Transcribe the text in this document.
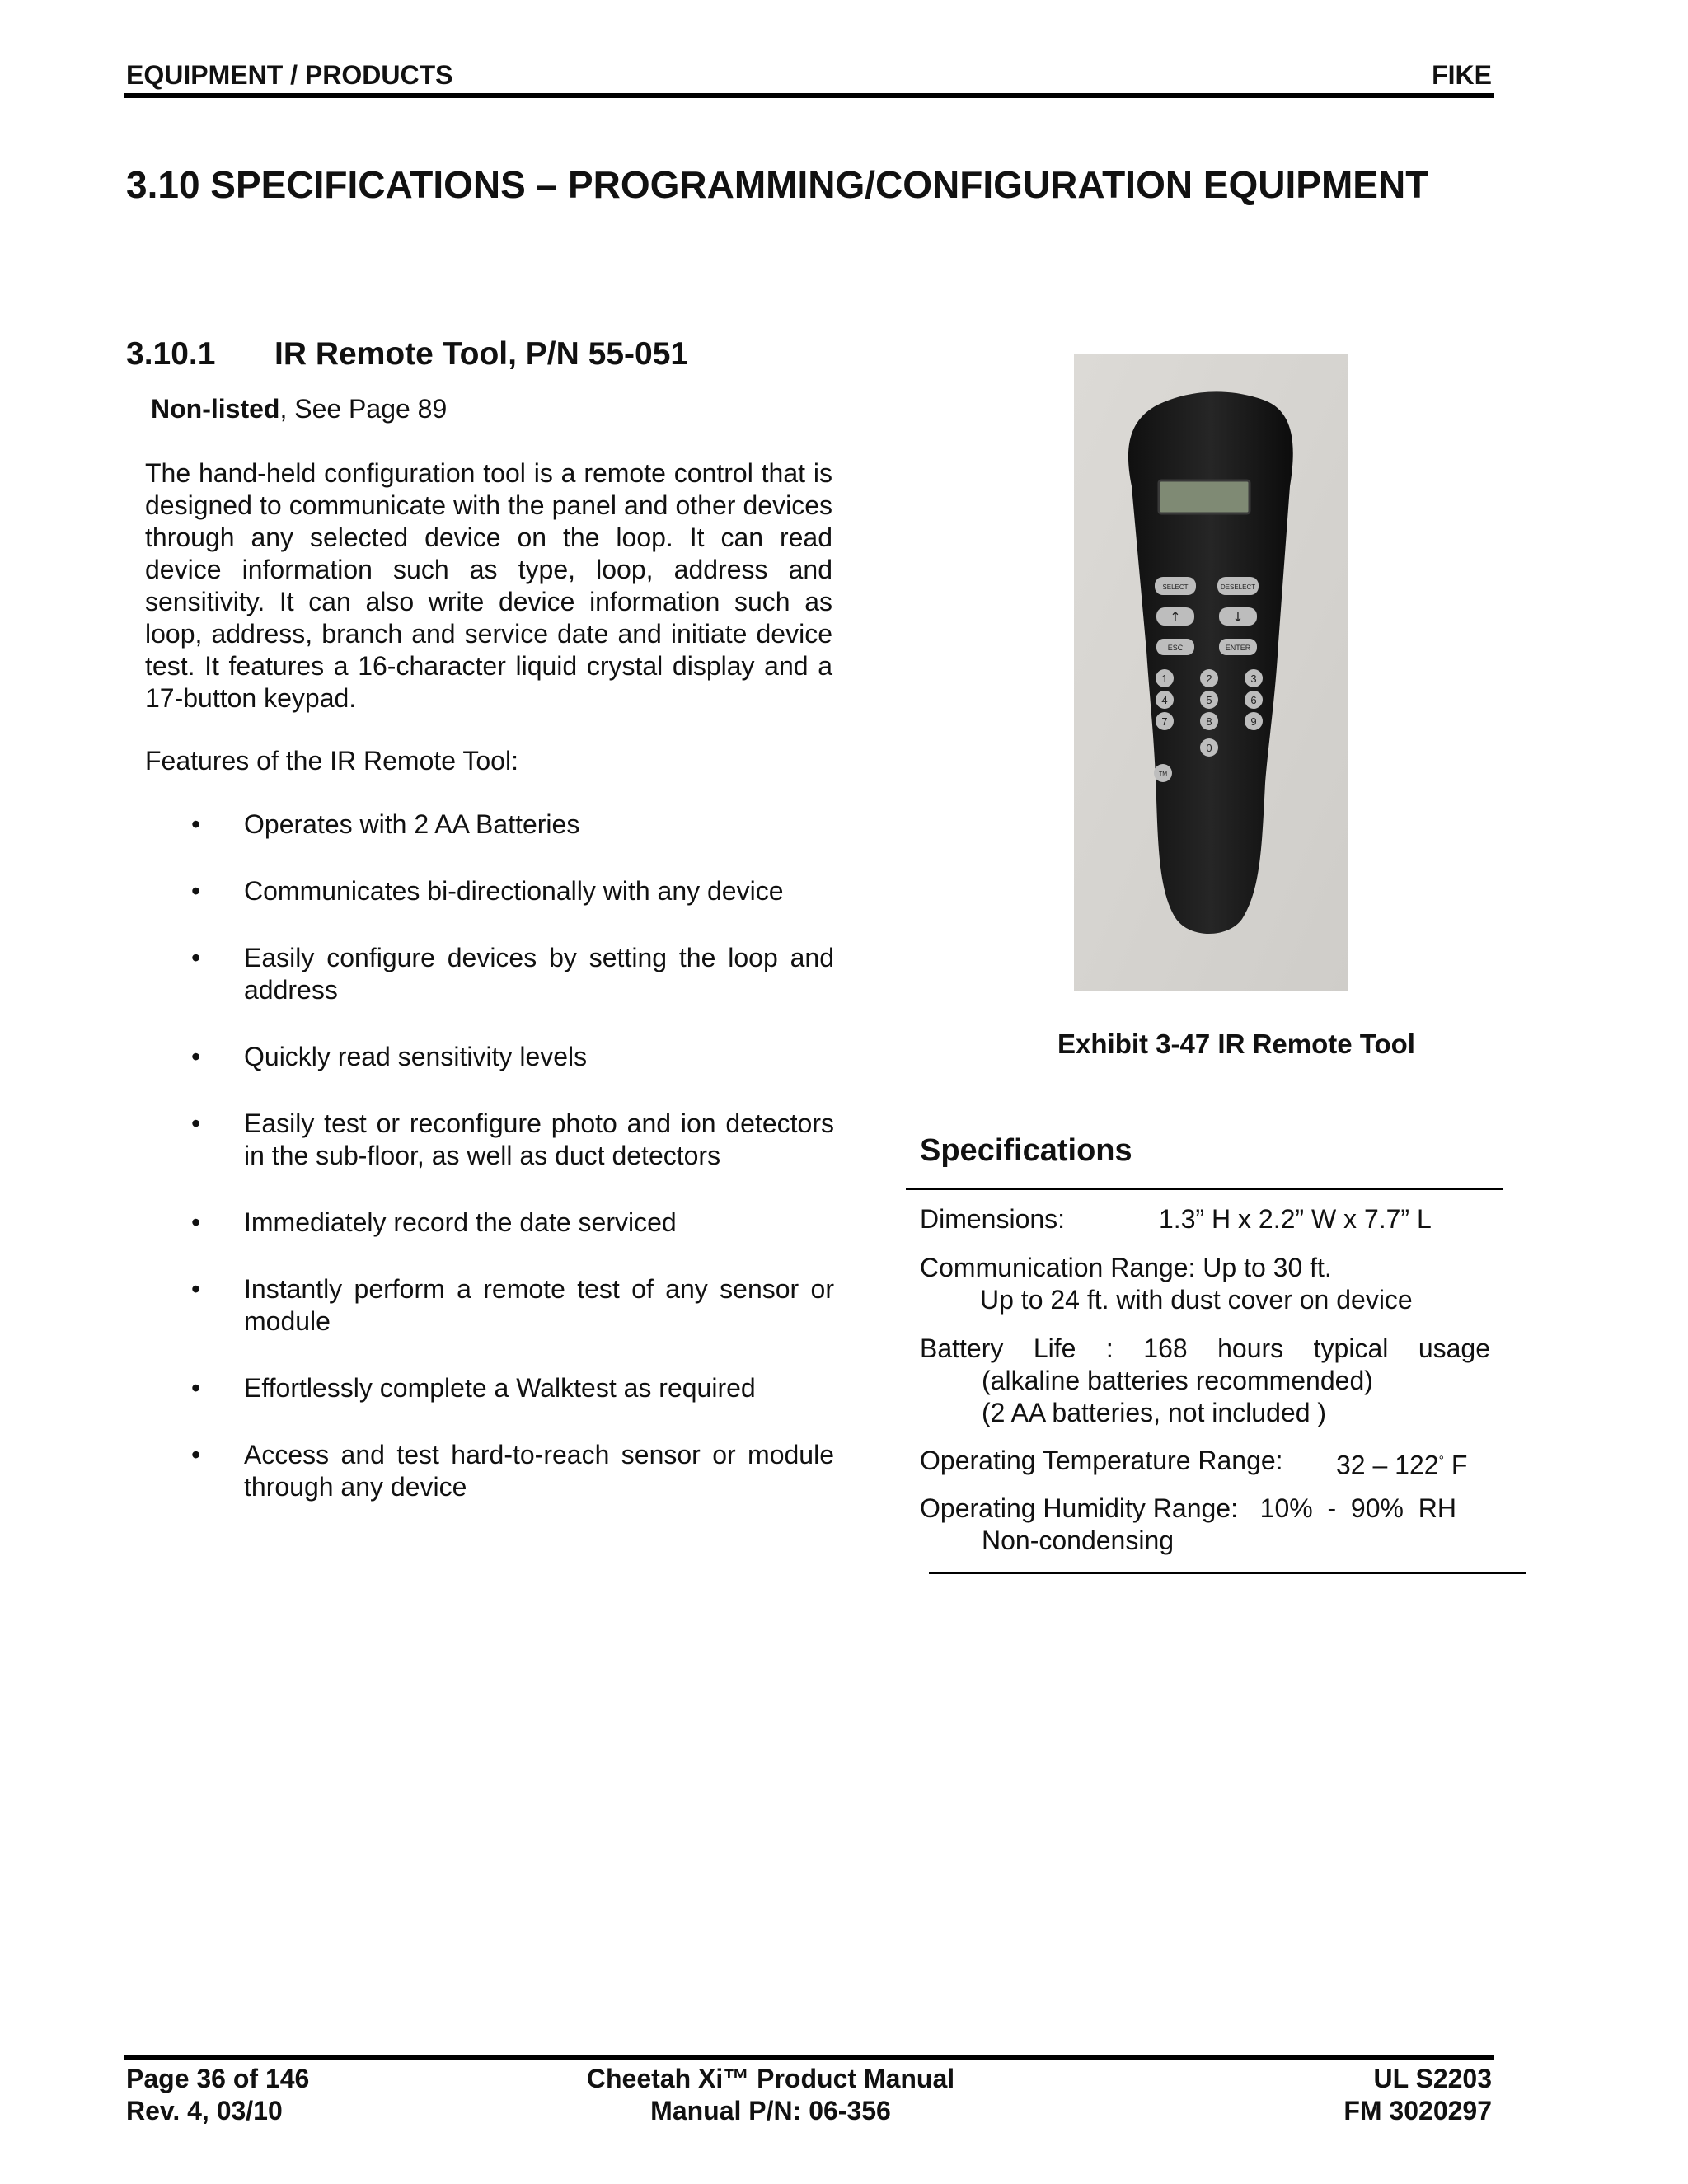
EQUIPMENT / PRODUCTS	FIKE
3.10 SPECIFICATIONS – PROGRAMMING/CONFIGURATION EQUIPMENT
3.10.1 IR Remote Tool, P/N 55-051
Non-listed, See Page 89
The hand-held configuration tool is a remote control that is designed to communicate with the panel and other devices through any selected device on the loop. It can read device information such as type, loop, address and sensitivity. It can also write device information such as loop, address, branch and service date and initiate device test. It features a 16-character liquid crystal display and a 17-button keypad.
Features of the IR Remote Tool:
• Operates with 2 AA Batteries
• Communicates bi-directionally with any device
• Easily configure devices by setting the loop and address
• Quickly read sensitivity levels
• Easily test or reconfigure photo and ion detectors in the sub-floor, as well as duct detectors
• Immediately record the date serviced
• Instantly perform a remote test of any sensor or module
• Effortlessly complete a Walktest as required
• Access and test hard-to-reach sensor or module through any device
SELECT	DESELECT
↑	↓
ESC	ENTER
1	2	3
4	5	6
7	8	9
0
TM
Exhibit 3-47 IR Remote Tool
Specifications
Dimensions:	1.3” H x 2.2” W x 7.7” L
Communication Range: Up to 30 ft.
Up to 24 ft. with dust cover on device
Battery Life : 168 hours typical usage
(alkaline batteries recommended)
(2 AA batteries, not included )
Operating Temperature Range: 32 – 122° F
Operating Humidity Range:   10%  -  90%  RH
Non-condensing
Page 36 of 146
Rev. 4, 03/10
Cheetah Xi™ Product Manual
Manual P/N: 06-356
UL S2203
FM 3020297
